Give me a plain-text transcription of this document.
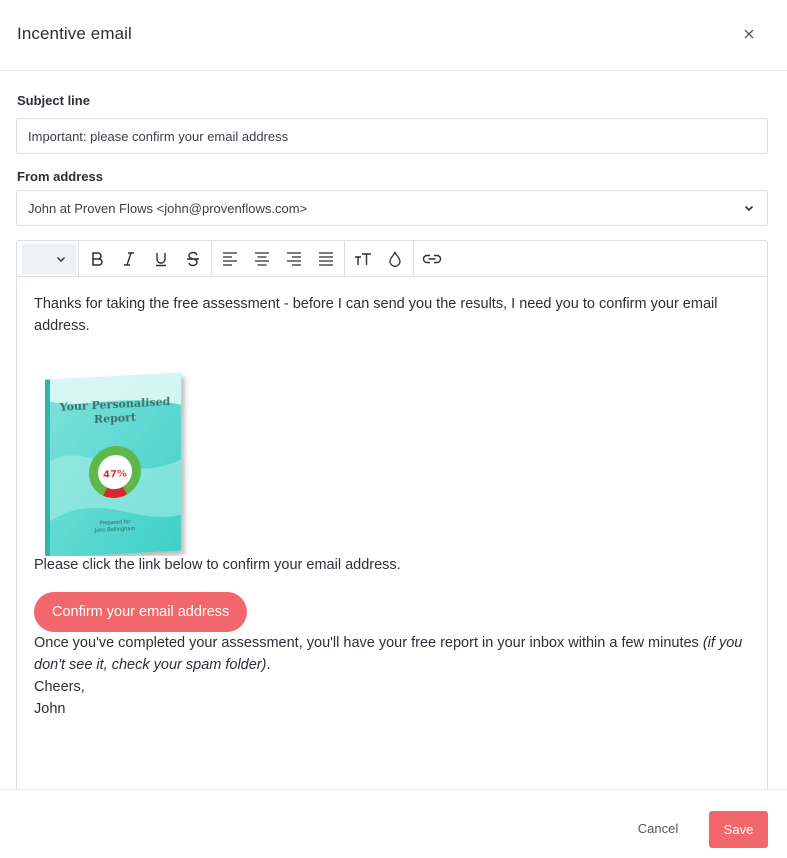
Incentive email
Subject line
Important: please confirm your email address
From address
John at Proven Flows <john@provenflows.com>

Thanks for taking the free assessment - before I can send you the results, I need you to confirm your email address.

47%
Your Personalised
Report
Prepared for
John Bellingham

Please click the link below to confirm your email address.

Confirm your email address

Once you've completed your assessment, you'll have your free report in your inbox within a few minutes (if you don't see it, check your spam folder).

Cheers,

John

Cancel	Save
